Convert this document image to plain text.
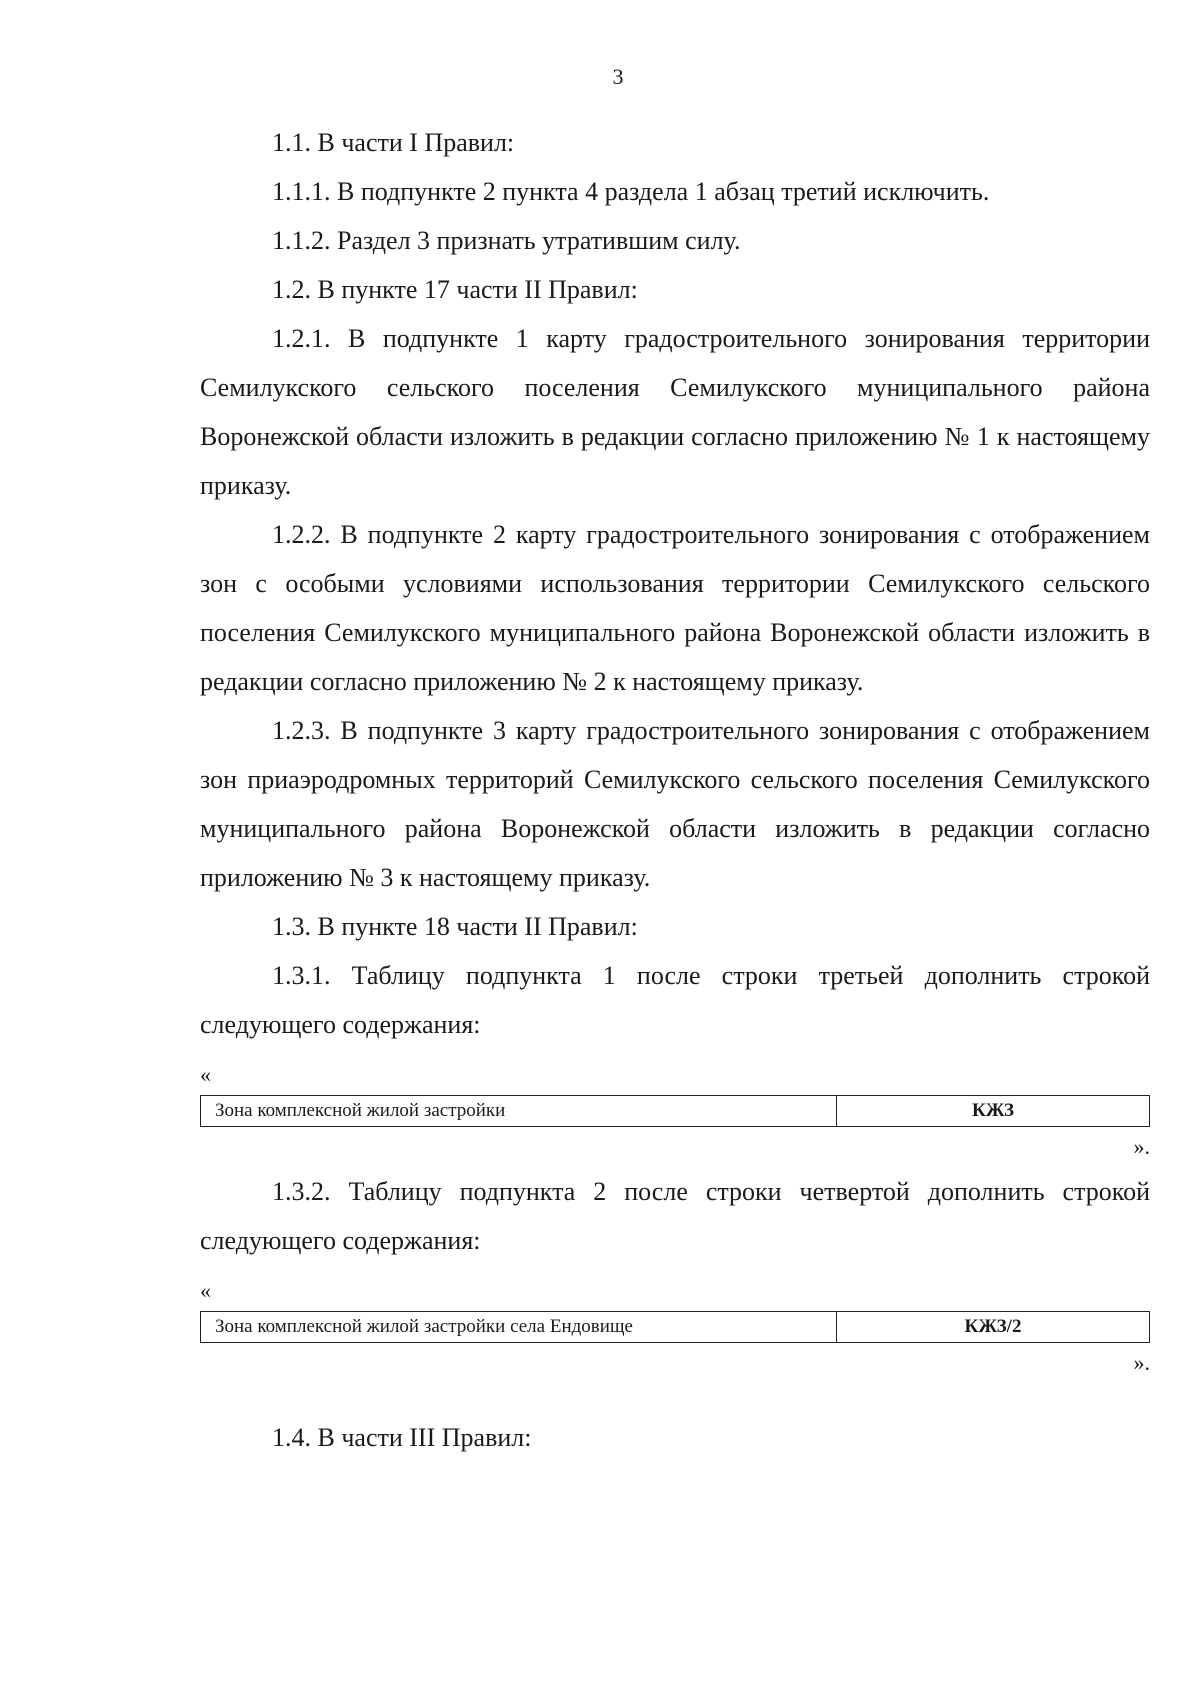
3

1.1. В части I Правил:

1.1.1. В подпункте 2 пункта 4 раздела 1 абзац третий исключить.

1.1.2. Раздел 3 признать утратившим силу.

1.2. В пункте 17 части II Правил:

1.2.1. В подпункте 1 карту градостроительного зонирования территории Семилукского сельского поселения Семилукского муниципального района Воронежской области изложить в редакции согласно приложению № 1 к настоящему приказу.

1.2.2. В подпункте 2 карту градостроительного зонирования с отображением зон с особыми условиями использования территории Семилукского сельского поселения Семилукского муниципального района Воронежской области изложить в редакции согласно приложению № 2 к настоящему приказу.

1.2.3. В подпункте 3 карту градостроительного зонирования с отображением зон приаэродромных территорий Семилукского сельского поселения Семилукского муниципального района Воронежской области изложить в редакции согласно приложению № 3 к настоящему приказу.

1.3. В пункте 18 части II Правил:

1.3.1. Таблицу подпункта 1 после строки третьей дополнить строкой следующего содержания:

«
Зона комплексной жилой застройки	КЖЗ
».

1.3.2. Таблицу подпункта 2 после строки четвертой дополнить строкой следующего содержания:

«
Зона комплексной жилой застройки села Ендовище	КЖЗ/2
».

1.4. В части III Правил:
